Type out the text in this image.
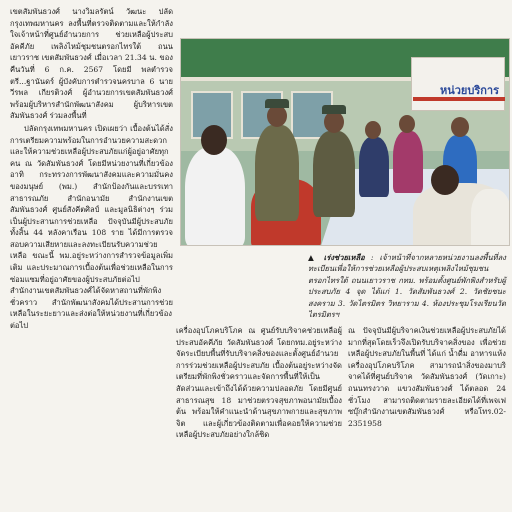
เขตสัมพันธวงศ์ นางวิมลรัตน์ วัฒนะ ปลัดกรุงเทพมหานคร ลงพื้นที่ตรวจติดตามและให้กำลังใจเจ้าหน้าที่ศูนย์อำนวยการ ช่วยเหลือผู้ประสบอัคคีภัย เพลิงไหม้ชุมชนตรอกไทรใต้ ถนนเยาวราช เขตสัมพันธวงศ์ เมื่อเวลา 21.34 น. ของคืนวันที่ 6 ก.ค. 2567 โดยมี พลตำรวจตรี...ฐานันดร์ ผู้บังคับการตำรวจนครบาล 6 นายวีรพล เกียรติวงศ์ ผู้อำนวยการเขตสัมพันธวงศ์ พร้อมผู้บริหารสำนักพัฒนาสังคม ผู้บริหารเขตสัมพันธวงศ์ ร่วมลงพื้นที่

ปลัดกรุงเทพมหานคร เปิดเผยว่า เบื้องต้นได้สั่งการเตรียมความพร้อมในการอำนวยความสะดวกและให้ความช่วยเหลือผู้ประสบภัยแก่ผู้อยู่อาศัยทุกคน ณ วัดสัมพันธวงศ์ โดยมีหน่วยงานที่เกี่ยวข้อง อาทิ กระทรวงการพัฒนาสังคมและความมั่นคงของมนุษย์ (พม.) สำนักป้องกันและบรรเทาสาธารณภัย สำนักอนามัย สำนักงานเขตสัมพันธวงศ์ ศูนย์สังคีตศิลป์ และมูลนิธิต่างๆ ร่วมเป็นผู้ประสานการช่วยเหลือ ปัจจุบันมีผู้ประสบภัยทั้งสิ้น 44 หลังคาเรือน 108 ราย ได้มีการตรวจสอบความเสียหายและลงทะเบียนรับความช่วยเหลือ ขณะนี้ พม.อยู่ระหว่างการสำรวจข้อมูลเพิ่มเติม และประมาณการเบื้องต้นเพื่อช่วยเหลือในการซ่อมแซมที่อยู่อาศัยของผู้ประสบภัยต่อไป สำนักงานเขตสัมพันธวงศ์ได้จัดหาสถานที่พักพิงชั่วคราว สำนักพัฒนาสังคมได้ประสานการช่วยเหลือในระยะยาวและส่งต่อให้หน่วยงานที่เกี่ยวข้องต่อไป

หน่วยบริการ
▲ เร่งช่วยเหลือ : เจ้าหน้าที่จากหลายหน่วยงานลงพื้นที่ลงทะเบียนเพื่อให้การช่วยเหลือผู้ประสบเหตุเพลิงไหม้ชุมชนตรอกไทรใต้ ถนนเยาวราช กทม. พร้อมตั้งศูนย์พักพิงสำหรับผู้ประสบภัย 4 จุด ได้แก่ 1. วัดสัมพันธวงศ์ 2. วัดชัยชนะสงคราม 3. วัดไตรมิตร วิทยาราม 4. ห้องประชุมโรงเรียนวัดไตรมิตรฯ

เครื่องอุปโภคบริโภค ณ ศูนย์รับบริจาคช่วยเหลือผู้ประสบอัคคีภัย วัดสัมพันธวงศ์ โดยกทม.อยู่ระหว่างจัดระเบียบพื้นที่รับบริจาคสิ่งของและตั้งศูนย์อำนวยการร่วมช่วยเหลือผู้ประสบภัย เบื้องต้นอยู่ระหว่างจัดเตรียมที่พักพิงชั่วคราวและจัดการพื้นที่ให้เป็นสัดส่วนและเข้าถึงได้ด้วยความปลอดภัย โดยมีศูนย์สาธารณสุข 18 มาช่วยตรวจสุขภาพอนามัยเบื้องต้น พร้อมให้คำแนะนำด้านสุขภาพกายและสุขภาพจิต และผู้เกี่ยวข้องติดตามเพื่อคอยให้ความช่วยเหลือผู้ประสบภัยอย่างใกล้ชิด

ณ ปัจจุบันมีผู้บริจาคเงินช่วยเหลือผู้ประสบภัยได้มากที่สุดโดยเร็วจึงเปิดรับบริจาคสิ่งของ เพื่อช่วยเหลือผู้ประสบภัยในพื้นที่ ได้แก่ น้ำดื่ม อาหารแห้ง เครื่องอุปโภคบริโภค สามารถนำสิ่งของมาบริจาคได้ที่ศูนย์บริจาค วัดสัมพันธวงศ์ (วัดเกาะ) ถนนทรงวาด แขวงสัมพันธวงศ์ ได้ตลอด 24 ชั่วโมง สามารถติดตามรายละเอียดได้ที่เพจเฟซบุ๊กสำนักงานเขตสัมพันธวงศ์ หรือโทร.02-2351958
